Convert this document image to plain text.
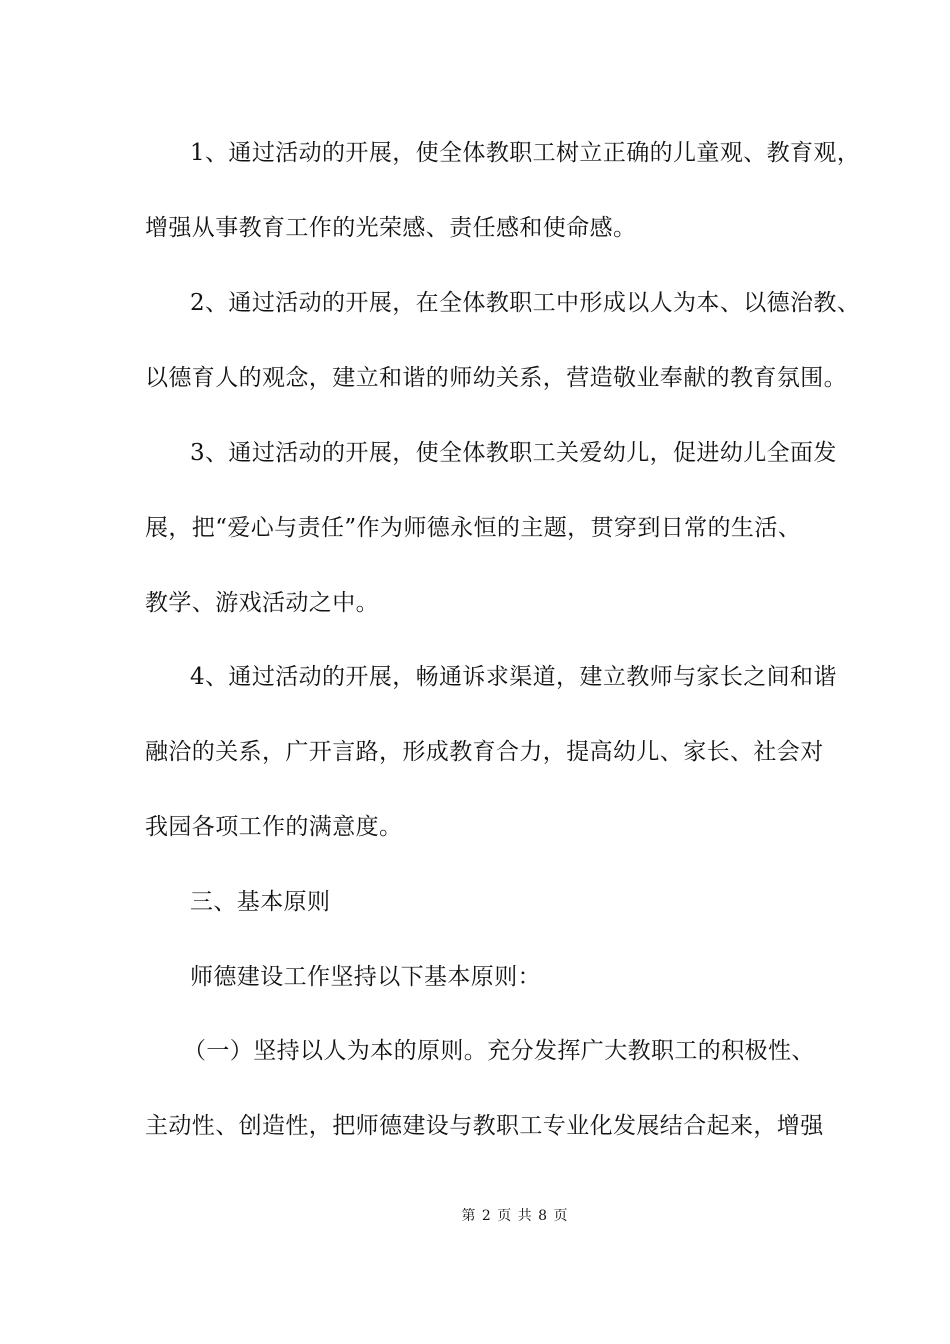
1、通过活动的开展，使全体教职工树立正确的儿童观、教育观，
增强从事教育工作的光荣感、责任感和使命感。
2、通过活动的开展，在全体教职工中形成以人为本、以德治教、
以德育人的观念，建立和谐的师幼关系，营造敬业奉献的教育氛围。
3、通过活动的开展，使全体教职工关爱幼儿，促进幼儿全面发
展，把“爱心与责任”作为师德永恒的主题，贯穿到日常的生活、
教学、游戏活动之中。
4、通过活动的开展，畅通诉求渠道，建立教师与家长之间和谐
融洽的关系，广开言路，形成教育合力，提高幼儿、家长、社会对
我园各项工作的满意度。
三、基本原则
师德建设工作坚持以下基本原则：
（一）坚持以人为本的原则。充分发挥广大教职工的积极性、
主动性、创造性，把师德建设与教职工专业化发展结合起来，增强
第 2 页 共 8 页
